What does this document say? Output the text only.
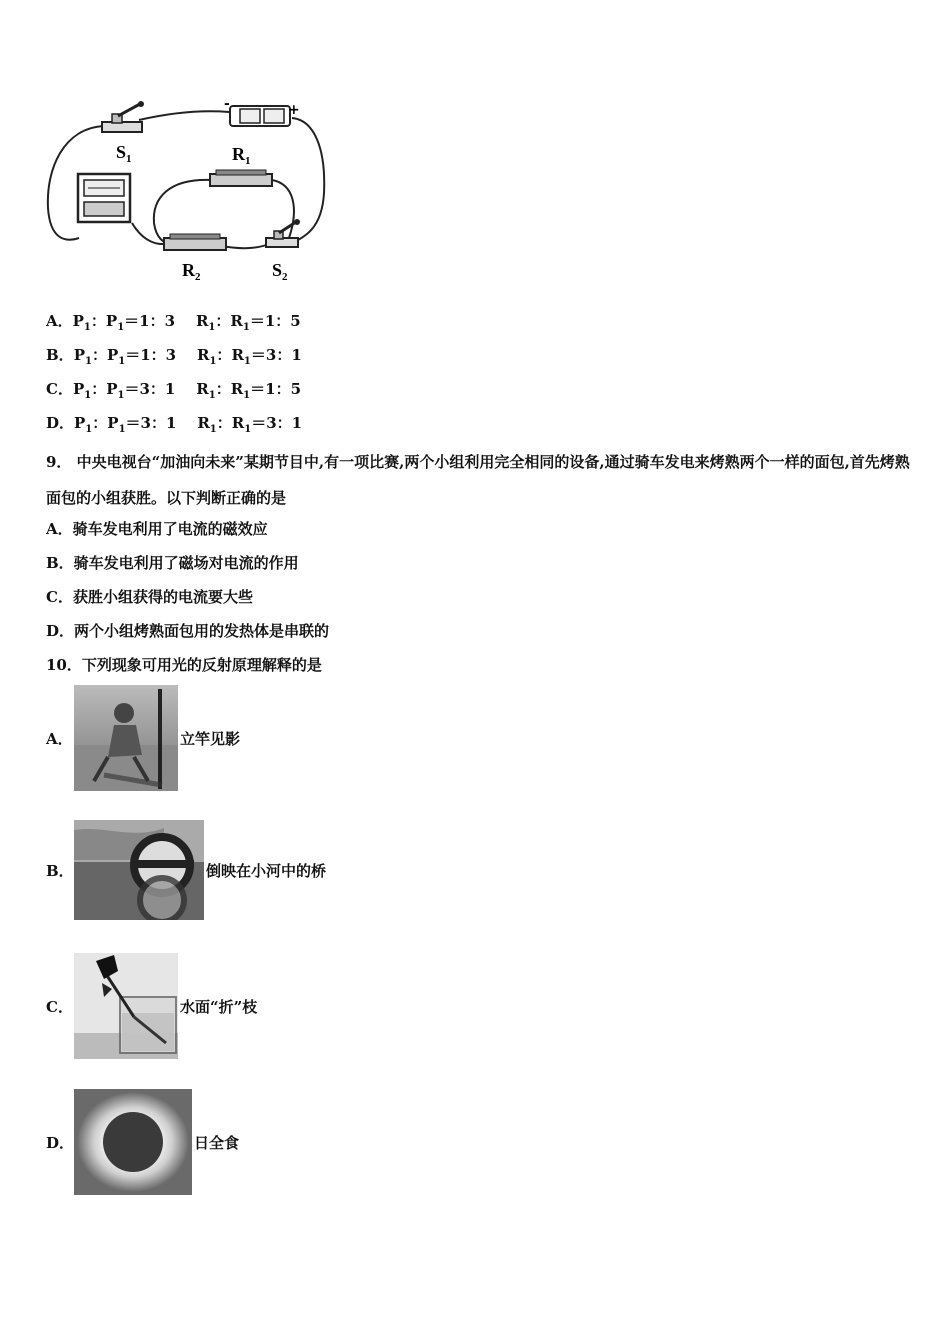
$S_1$
-	+
$R_1$
$R_2$	$S_2$
A．$P_1$：$P_1=1$：3 $R_1$：$R_1=1$：5
B．$P_1$：$P_1=1$：3 $R_1$：$R_1=3$：1
C．$P_1$：$P_1=3$：1 $R_1$：$R_1=1$：5
D．$P_1$：$P_1=3$：1 $R_1$：$R_1=3$：1
9． 中央电视台“加油向未来”某期节目中,有一项比赛,两个小组利用完全相同的设备,通过骑车发电来烤熟两个一样的面包,首先烤熟面包的小组获胜。以下判断正确的是
A．骑车发电利用了电流的磁效应
B．骑车发电利用了磁场对电流的作用
C．获胜小组获得的电流要大些
D．两个小组烤熟面包用的发热体是串联的
10．下列现象可用光的反射原理解释的是
A．	立竿见影
B．	倒映在小河中的桥
C．	水面“折”枝
D．	日全食
